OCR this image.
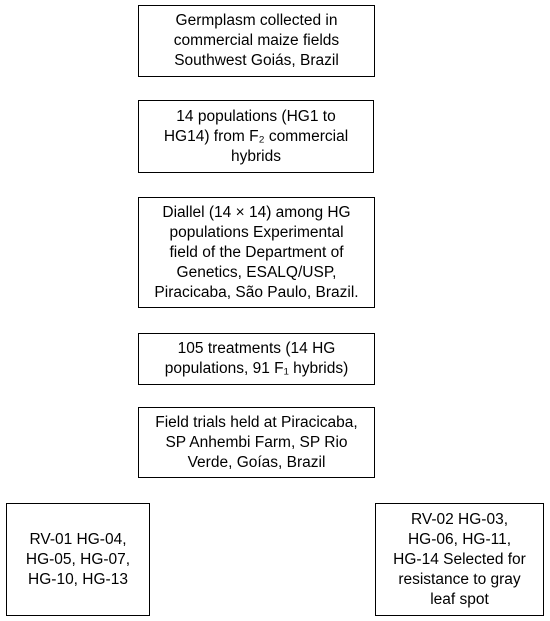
Germplasm collected in
commercial maize fields
Southwest Goiás, Brazil
14 populations (HG1 to
HG14) from F₂ commercial
hybrids
Diallel (14 × 14) among HG
populations Experimental
field of the Department of
Genetics, ESALQ/USP,
Piracicaba, São Paulo, Brazil.
105 treatments (14 HG
populations, 91 F₁ hybrids)
Field trials held at Piracicaba,
SP Anhembi Farm, SP Rio
Verde, Goías, Brazil
RV-01 HG-04,
HG-05, HG-07,
HG-10, HG-13
RV-02 HG-03,
HG-06, HG-11,
HG-14 Selected for
resistance to gray
leaf spot
